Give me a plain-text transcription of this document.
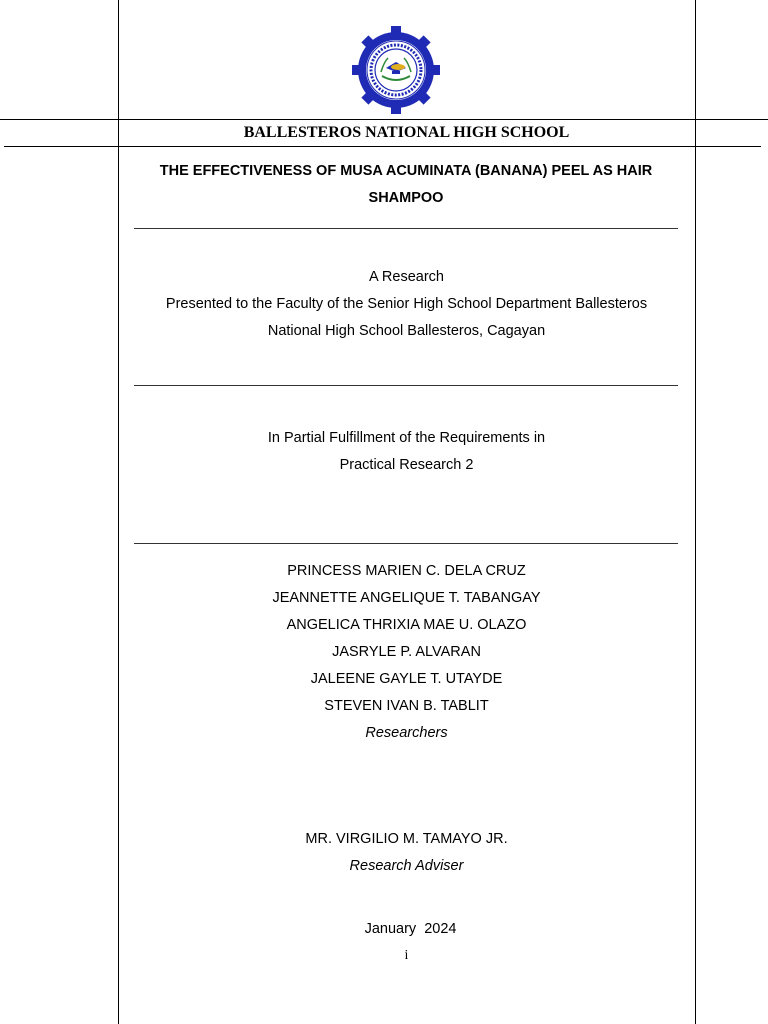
BALLESTEROS NATIONAL HIGH SCHOOL
THE EFFECTIVENESS OF MUSA ACUMINATA (BANANA) PEEL AS HAIR SHAMPOO
A Research
Presented to the Faculty of the Senior High School Department Ballesteros
National High School Ballesteros, Cagayan
In Partial Fulfillment of the Requirements in
Practical Research 2
PRINCESS MARIEN C. DELA CRUZ
JEANNETTE ANGELIQUE T. TABANGAY
ANGELICA THRIXIA MAE U. OLAZO
JASRYLE P. ALVARAN
JALEENE GAYLE T. UTAYDE
STEVEN IVAN B. TABLIT
Researchers
MR. VIRGILIO M. TAMAYO JR.
Research Adviser

January  2024

i
